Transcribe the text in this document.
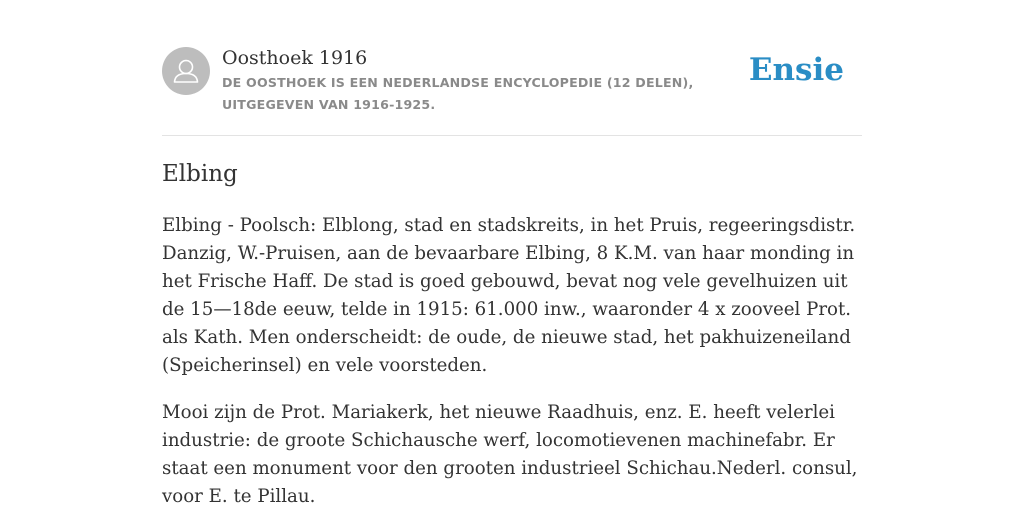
Oosthoek 1916
DE OOSTHOEK IS EEN NEDERLANDSE ENCYCLOPEDIE (12 DELEN), UITGEGEVEN VAN 1916-1925.
Ensie
Elbing

Elbing - Poolsch: Elblong, stad en stadskreits, in het Pruis, regeeringsdistr. Danzig, W.-Pruisen, aan de bevaarbare Elbing, 8 K.M. van haar monding in het Frische Haff. De stad is goed gebouwd, bevat nog vele gevelhuizen uit de 15—18de eeuw, telde in 1915: 61.000 inw., waaronder 4 x zooveel Prot. als Kath. Men onderscheidt: de oude, de nieuwe stad, het pakhuizeneiland (Speicherinsel) en vele voorsteden.

Mooi zijn de Prot. Mariakerk, het nieuwe Raadhuis, enz. E. heeft velerlei industrie: de groote Schichausche werf, locomotievenen machinefabr. Er staat een monument voor den grooten industrieel Schichau.Nederl. consul, voor E. te Pillau.
